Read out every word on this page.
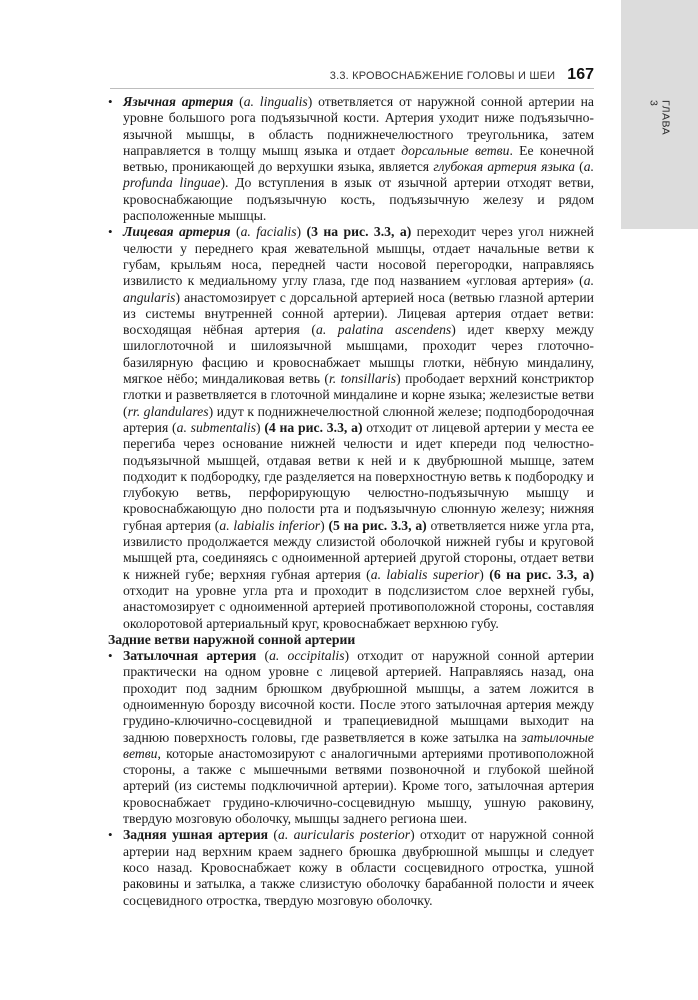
ГЛАВА 3
3.3. КРОВОСНАБЖЕНИЕ ГОЛОВЫ И ШЕИ 167
• Язычная артерия (a. lingualis) ответвляется от наружной сонной артерии на уровне большого рога подъязычной кости. Артерия уходит ниже подъязычно-язычной мышцы, в область поднижнечелюстного треугольника, затем направляется в толщу мышц языка и отдает дорсальные ветви. Ее конечной ветвью, проникающей до верхушки языка, является глубокая артерия языка (a. profunda linguae). До вступления в язык от язычной артерии отходят ветви, кровоснабжающие подъязычную кость, подъязычную железу и рядом расположенные мышцы.
• Лицевая артерия (a. facialis) (3 на рис. 3.3, а) переходит через угол нижней челюсти у переднего края жевательной мышцы, отдает начальные ветви к губам, крыльям носа, передней части носовой перегородки, направляясь извилисто к медиальному углу глаза, где под названием «угловая артерия» (a. angularis) анастомозирует с дорсальной артерией носа (ветвью глазной артерии из системы внутренней сонной артерии). Лицевая артерия отдает ветви: восходящая нёбная артерия (a. palatina ascendens) идет кверху между шилоглоточной и шилоязычной мышцами, проходит через глоточно-базилярную фасцию и кровоснабжает мышцы глотки, нёбную миндалину, мягкое нёбо; миндаликовая ветвь (r. tonsillaris) прободает верхний констриктор глотки и разветвляется в глоточной миндалине и корне языка; железистые ветви (rr. glandulares) идут к поднижнечелюстной слюнной железе; подподбородочная артерия (a. submentalis) (4 на рис. 3.3, а) отходит от лицевой артерии у места ее перегиба через основание нижней челюсти и идет кпереди под челюстно-подъязычной мышцей, отдавая ветви к ней и к двубрюшной мышце, затем подходит к подбородку, где разделяется на поверхностную ветвь к подбородку и глубокую ветвь, перфорирующую челюстно-подъязычную мышцу и кровоснабжающую дно полости рта и подъязычную слюнную железу; нижняя губная артерия (a. labialis inferior) (5 на рис. 3.3, а) ответвляется ниже угла рта, извилисто продолжается между слизистой оболочкой нижней губы и круговой мышцей рта, соединяясь с одноименной артерией другой стороны, отдает ветви к нижней губе; верхняя губная артерия (a. labialis superior) (6 на рис. 3.3, а) отходит на уровне угла рта и проходит в подслизистом слое верхней губы, анастомозирует с одноименной артерией противоположной стороны, составляя околоротовой артериальный круг, кровоснабжает верхнюю губу.

Задние ветви наружной сонной артерии

• Затылочная артерия (a. occipitalis) отходит от наружной сонной артерии практически на одном уровне с лицевой артерией. Направляясь назад, она проходит под задним брюшком двубрюшной мышцы, а затем ложится в одноименную борозду височной кости. После этого затылочная артерия между грудино-ключично-сосцевидной и трапециевидной мышцами выходит на заднюю поверхность головы, где разветвляется в коже затылка на затылочные ветви, которые анастомозируют с аналогичными артериями противоположной стороны, а также с мышечными ветвями позвоночной и глубокой шейной артерий (из системы подключичной артерии). Кроме того, затылочная артерия кровоснабжает грудино-ключично-сосцевидную мышцу, ушную раковину, твердую мозговую оболочку, мышцы заднего региона шеи.
• Задняя ушная артерия (a. auricularis posterior) отходит от наружной сонной артерии над верхним краем заднего брюшка двубрюшной мышцы и следует косо назад. Кровоснабжает кожу в области сосцевидного отростка, ушной раковины и затылка, а также слизистую оболочку барабанной полости и ячеек сосцевидного отростка, твердую мозговую оболочку.
